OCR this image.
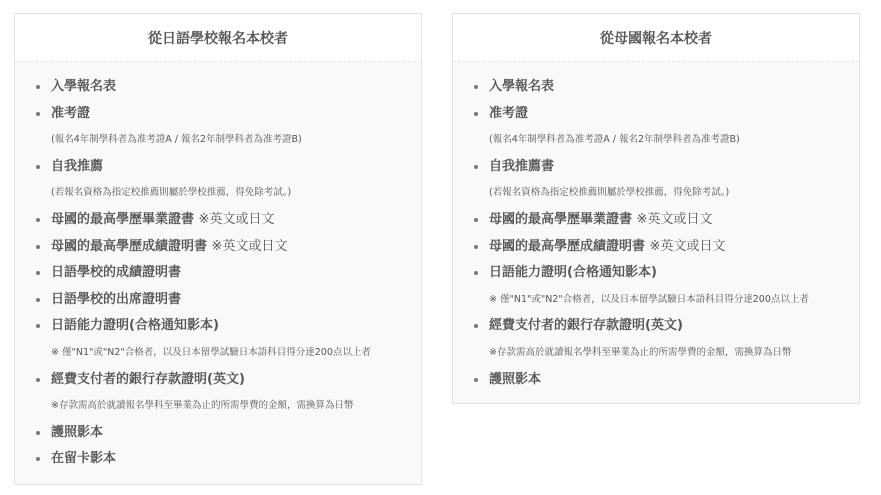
從日語學校報名本校者
入學報名表
准考證
(報名4年制學科者為准考證A / 報名2年制學科者為准考證B)
自我推薦
(若報名資格為指定校推薦則屬於學校推薦，得免除考試。)
母國的最高學歷畢業證書 ※英文或日文
母國的最高學歷成績證明書 ※英文或日文
日語學校的成績證明書
日語學校的出席證明書
日語能力證明(合格通知影本)
※ 僅"N1"或"N2"合格者，以及日本留學試驗日本語科目得分達200点以上者
經費支付者的銀行存款證明(英文)
※存款需高於就讀報名學科至畢業為止的所需學費的金額，需換算為日幣
護照影本
在留卡影本
從母國報名本校者
入學報名表
准考證
(報名4年制學科者為准考證A / 報名2年制學科者為准考證B)
自我推薦書
(若報名資格為指定校推薦則屬於學校推薦，得免除考試。)
母國的最高學歷畢業證書 ※英文或日文
母國的最高學歷成績證明書 ※英文或日文
日語能力證明(合格通知影本)
※ 僅"N1"或"N2"合格者，以及日本留學試驗日本語科目得分達200点以上者
經費支付者的銀行存款證明(英文)
※存款需高於就讀報名學科至畢業為止的所需學費的金額，需換算為日幣
護照影本
